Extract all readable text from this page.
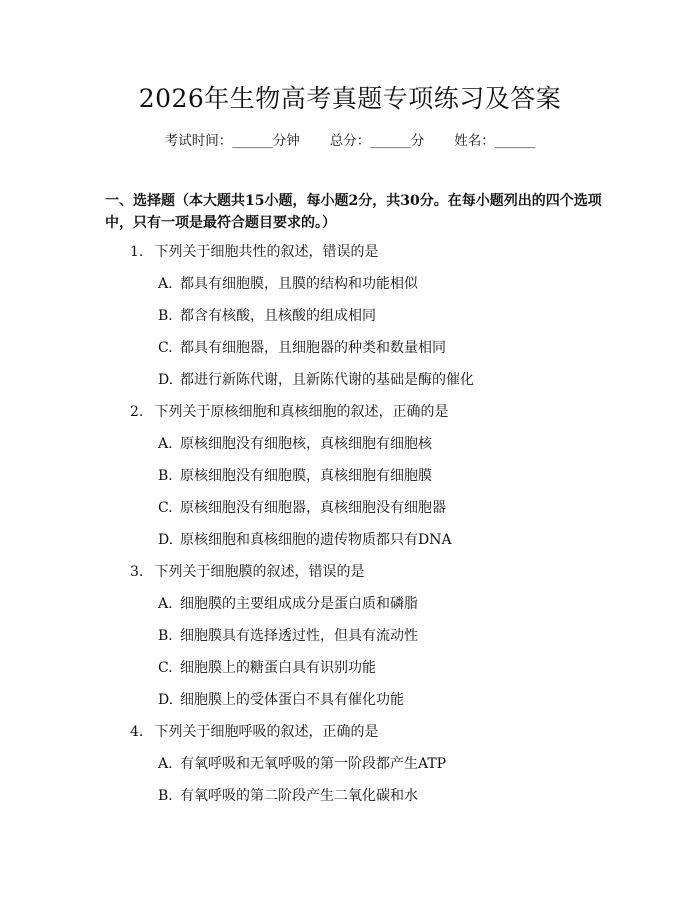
2026年生物高考真题专项练习及答案
考试时间：______分钟 总分：______分 姓名：______
一、选择题（本大题共15小题，每小题2分，共30分。在每小题列出的四个选项中，只有一项是最符合题目要求的。）
1. 下列关于细胞共性的叙述，错误的是
A. 都具有细胞膜，且膜的结构和功能相似
B. 都含有核酸，且核酸的组成相同
C. 都具有细胞器，且细胞器的种类和数量相同
D. 都进行新陈代谢，且新陈代谢的基础是酶的催化
2. 下列关于原核细胞和真核细胞的叙述，正确的是
A. 原核细胞没有细胞核，真核细胞有细胞核
B. 原核细胞没有细胞膜，真核细胞有细胞膜
C. 原核细胞没有细胞器，真核细胞没有细胞器
D. 原核细胞和真核细胞的遗传物质都只有DNA
3. 下列关于细胞膜的叙述，错误的是
A. 细胞膜的主要组成成分是蛋白质和磷脂
B. 细胞膜具有选择透过性，但具有流动性
C. 细胞膜上的糖蛋白具有识别功能
D. 细胞膜上的受体蛋白不具有催化功能
4. 下列关于细胞呼吸的叙述，正确的是
A. 有氧呼吸和无氧呼吸的第一阶段都产生ATP
B. 有氧呼吸的第二阶段产生二氧化碳和水
